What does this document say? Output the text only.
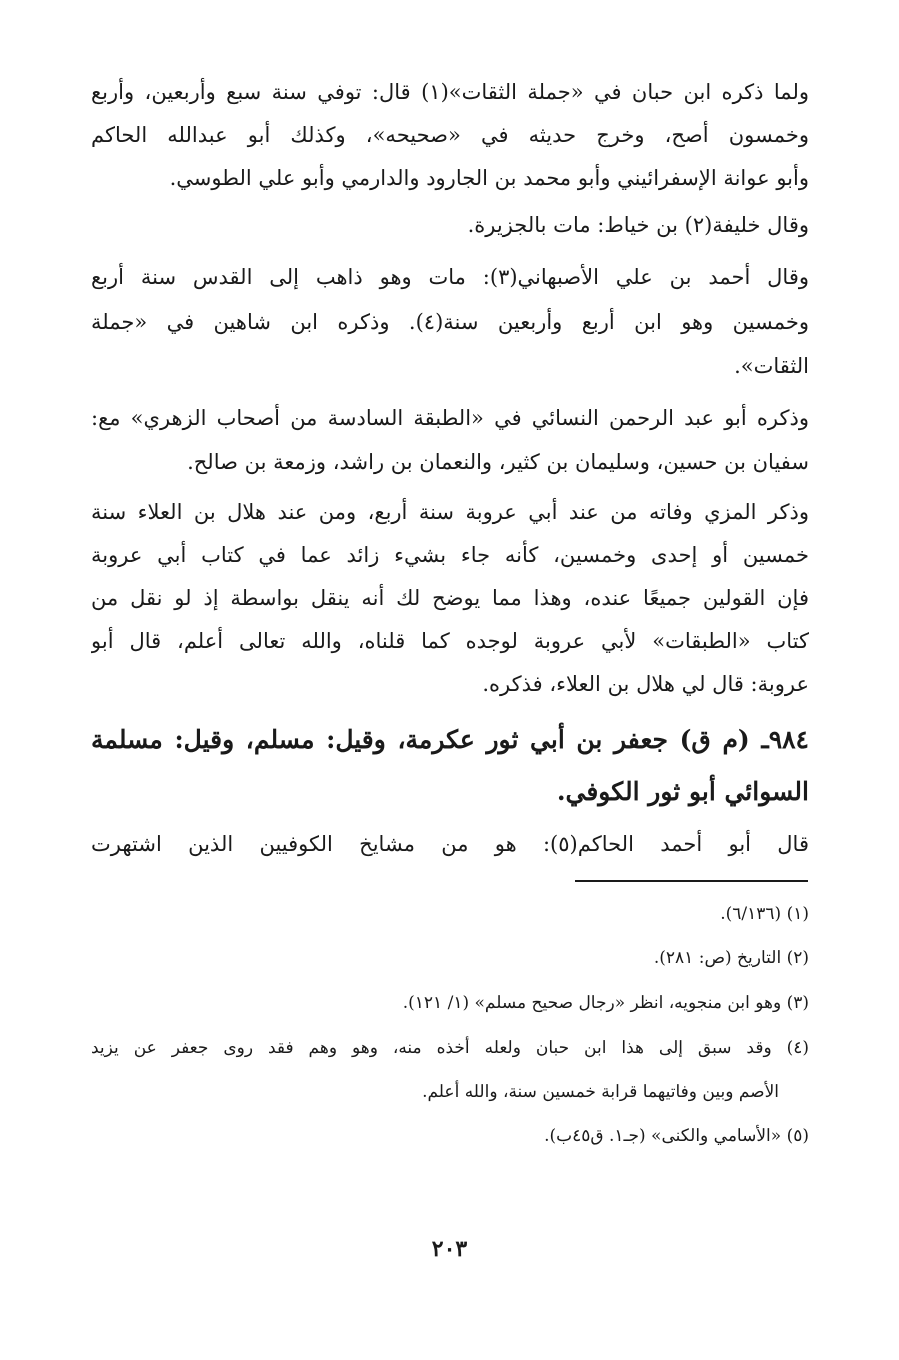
ولما ذكره ابن حبان في «جملة الثقات»(١) قال: توفي سنة سبع وأربعين، وأربع
وخمسون أصح، وخرج حديثه في «صحيحه»، وكذلك أبو عبدالله الحاكم
وأبو عوانة الإسفرائيني وأبو محمد بن الجارود والدارمي وأبو علي الطوسي.
وقال خليفة(٢) بن خياط: مات بالجزيرة.
وقال أحمد بن علي الأصبهاني(٣): مات وهو ذاهب إلى القدس سنة أربع
وخمسين وهو ابن أربع وأربعين سنة(٤). وذكره ابن شاهين في «جملة
الثقات».
وذكره أبو عبد الرحمن النسائي في «الطبقة السادسة من أصحاب الزهري» مع:
سفيان بن حسين، وسليمان بن كثير، والنعمان بن راشد، وزمعة بن صالح.
وذكر المزي وفاته من عند أبي عروبة سنة أربع، ومن عند هلال بن العلاء سنة
خمسين أو إحدى وخمسين، كأنه جاء بشيء زائد عما في كتاب أبي عروبة
فإن القولين جميعًا عنده، وهذا مما يوضح لك أنه ينقل بواسطة إذ لو نقل من
كتاب «الطبقات» لأبي عروبة لوجده كما قلناه، والله تعالى أعلم، قال أبو
عروبة: قال لي هلال بن العلاء، فذكره.
٩٨٤ـ (م ق) جعفر بن أبي ثور عكرمة، وقيل: مسلم، وقيل: مسلمة
السوائي أبو ثور الكوفي.
قال أبو أحمد الحاكم(٥): هو من مشايخ الكوفيين الذين اشتهرت
(١) (٦/١٣٦).
(٢) التاريخ (ص: ٢٨١).
(٣) وهو ابن منجويه، انظر «رجال صحيح مسلم» (١/ ١٢١).
(٤) وقد سبق إلى هذا ابن حبان ولعله أخذه منه، وهو وهم فقد روى جعفر عن يزيد
الأصم وبين وفاتيهما قرابة خمسين سنة، والله أعلم.
(٥) «الأسامي والكنى» (جـ١. ق٤٥ب).
٢٠٣
